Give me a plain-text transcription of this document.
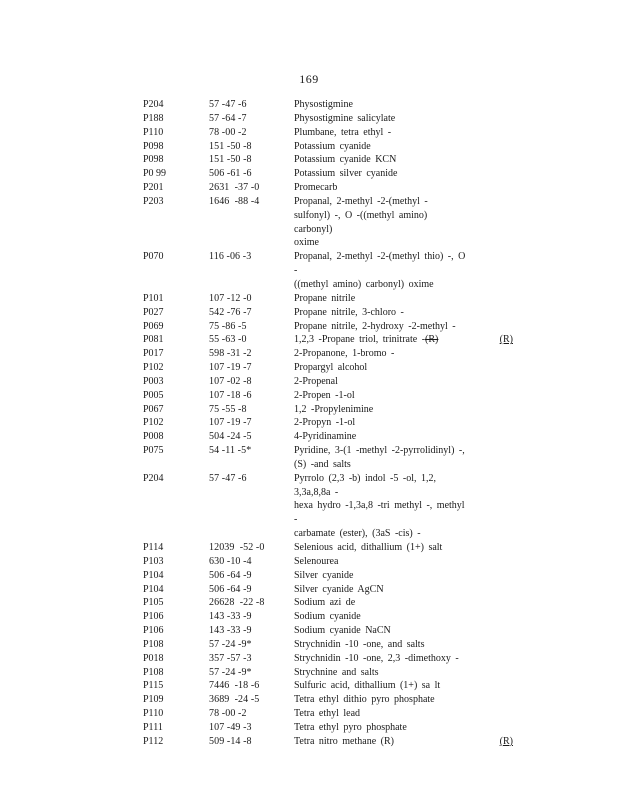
169
P204	57 -47 -6	Physostigmine
P188	57 -64 -7	Physostigmine salicylate
P110	78 -00 -2	Plumbane, tetra ethyl -
P098	151 -50 -8	Potassium cyanide
P098	151 -50 -8	Potassium cyanide KCN
P0 99	506 -61 -6	Potassium silver cyanide
P201	2631  -37 -0	Promecarb
P203	1646  -88 -4	Propanal, 2-methyl -2-(methyl -
sulfonyl) -, O -((methyl amino) carbonyl)
oxime
P070	116 -06 -3	Propanal, 2-methyl -2-(methyl thio) -, O -
((methyl amino) carbonyl) oxime
P101	107 -12 -0	Propane nitrile
P027	542 -76 -7	Propane nitrile, 3-chloro -
P069	75 -86 -5	Propane nitrile, 2-hydroxy -2-methyl -
P081	55 -63 -0	1,2,3 -Propane triol, trinitrate -(R)	(R)
P017	598 -31 -2	2-Propanone, 1-bromo -
P102	107 -19 -7	Propargyl alcohol
P003	107 -02 -8	2-Propenal
P005	107 -18 -6	2-Propen -1-ol
P067	75 -55 -8	1,2 -Propylenimine
P102	107 -19 -7	2-Propyn -1-ol
P008	504 -24 -5	4-Pyridinamine
P075	54 -11 -5*	Pyridine, 3-(1 -methyl -2-pyrrolidinyl) -,
(S) -and salts
P204	57 -47 -6	Pyrrolo (2,3 -b) indol -5 -ol, 1,2, 3,3a,8,8a -
hexa hydro -1,3a,8 -tri methyl -, methyl -
carbamate (ester), (3aS -cis) -
P114	12039  -52 -0	Selenious acid, dithallium (1+) salt
P103	630 -10 -4	Selenourea
P104	506 -64 -9	Silver cyanide
P104	506 -64 -9	Silver cyanide AgCN
P105	26628  -22 -8	Sodium azi de
P106	143 -33 -9	Sodium cyanide
P106	143 -33 -9	Sodium cyanide NaCN
P108	57 -24 -9*	Strychnidin -10 -one, and salts
P018	357 -57 -3	Strychnidin -10 -one, 2,3 -dimethoxy -
P108	57 -24 -9*	Strychnine and salts
P115	7446  -18 -6	Sulfuric acid, dithallium (1+) sa lt
P109	3689  -24 -5	Tetra ethyl dithio pyro phosphate
P110	78 -00 -2	Tetra ethyl lead
P111	107 -49 -3	Tetra ethyl pyro phosphate
P112	509 -14 -8	Tetra nitro methane (R)	(R)
